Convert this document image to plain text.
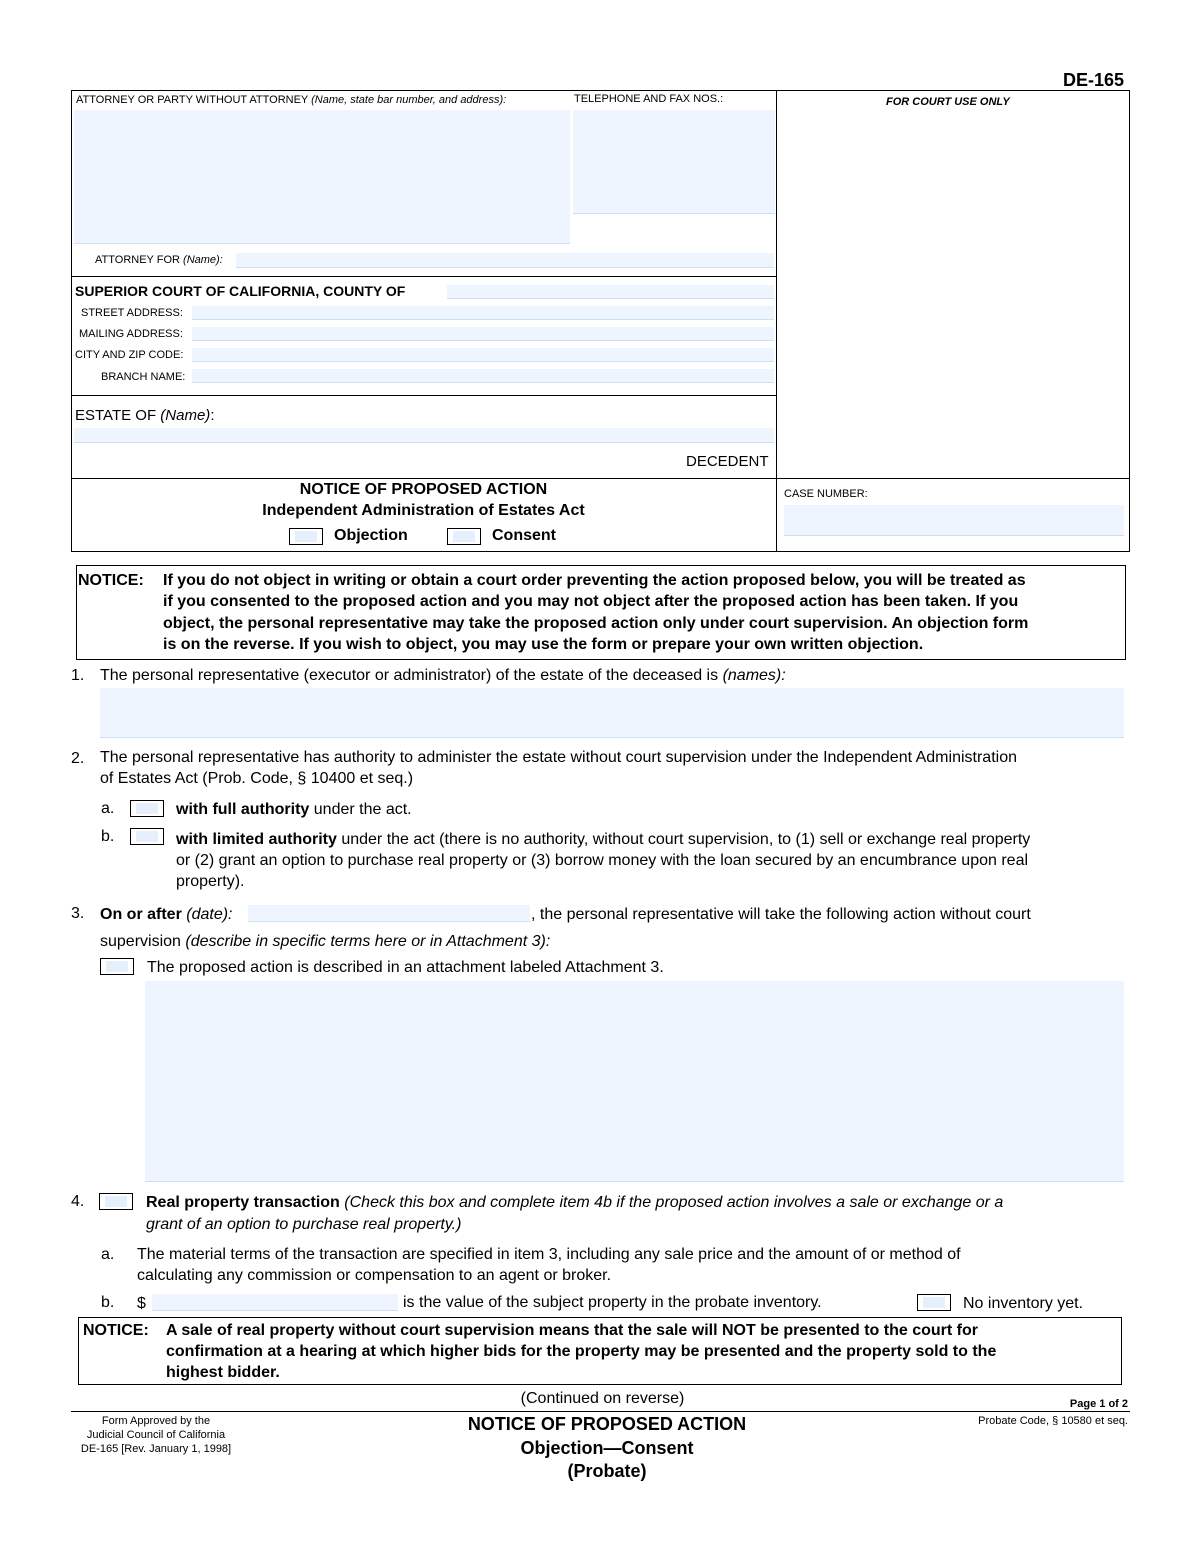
DE-165
ATTORNEY OR PARTY WITHOUT ATTORNEY (Name, state bar number, and address):	TELEPHONE AND FAX NOS.:	FOR COURT USE ONLY
ATTORNEY FOR (Name):
SUPERIOR COURT OF CALIFORNIA, COUNTY OF
STREET ADDRESS:
MAILING ADDRESS:
CITY AND ZIP CODE:
BRANCH NAME:
ESTATE OF (Name):
DECEDENT
NOTICE OF PROPOSED ACTION
Independent Administration of Estates Act
Objection	Consent
CASE NUMBER:
NOTICE: If you do not object in writing or obtain a court order preventing the action proposed below, you will be treated as
if you consented to the proposed action and you may not object after the proposed action has been taken. If you
object, the personal representative may take the proposed action only under court supervision. An objection form
is on the reverse. If you wish to object, you may use the form or prepare your own written objection.
1. The personal representative (executor or administrator) of the estate of the deceased is (names):
2. The personal representative has authority to administer the estate without court supervision under the Independent Administration
of Estates Act (Prob. Code, § 10400 et seq.)
a.	with full authority under the act.
b.	with limited authority under the act (there is no authority, without court supervision, to (1) sell or exchange real property
or (2) grant an option to purchase real property or (3) borrow money with the loan secured by an encumbrance upon real
property).
3. On or after (date):	, the personal representative will take the following action without court
supervision (describe in specific terms here or in Attachment 3):
The proposed action is described in an attachment labeled Attachment 3.
4.	Real property transaction (Check this box and complete item 4b if the proposed action involves a sale or exchange or a
grant of an option to purchase real property.)
a. The material terms of the transaction are specified in item 3, including any sale price and the amount of or method of
calculating any commission or compensation to an agent or broker.
b. $	is the value of the subject property in the probate inventory.	No inventory yet.
NOTICE: A sale of real property without court supervision means that the sale will NOT be presented to the court for
confirmation at a hearing at which higher bids for the property may be presented and the property sold to the
highest bidder.
(Continued on reverse)	Page 1 of 2
Form Approved by the
Judicial Council of California
DE-165 [Rev. January 1, 1998]
NOTICE OF PROPOSED ACTION
Objection—Consent
(Probate)
Probate Code, § 10580 et seq.
